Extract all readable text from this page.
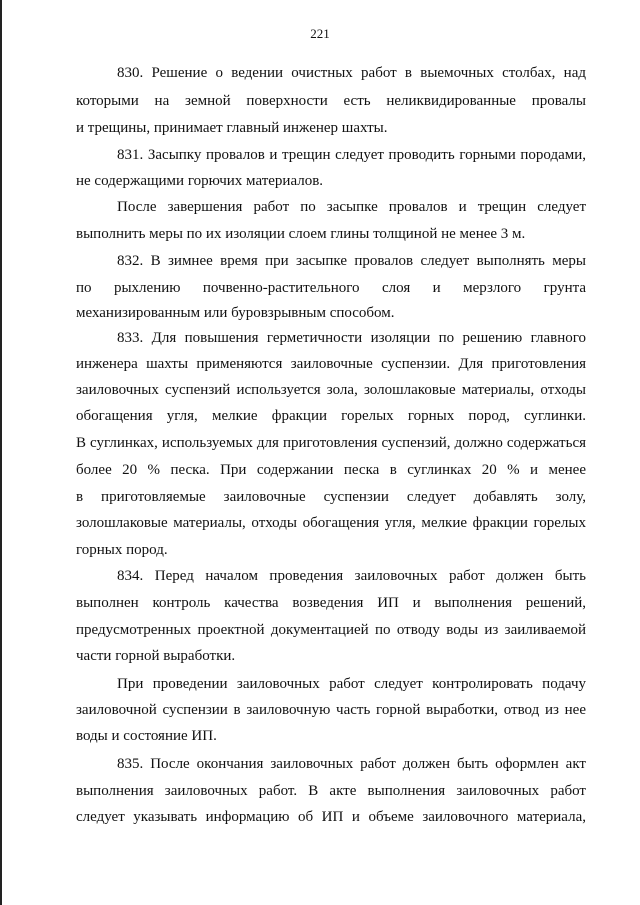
221
830. Решение о ведении очистных работ в выемочных столбах, над
которыми на земной поверхности есть неликвидированные провалы
и трещины, принимает главный инженер шахты.
831. Засыпку провалов и трещин следует проводить горными породами,
не содержащими горючих материалов.
После завершения работ по засыпке провалов и трещин следует
выполнить меры по их изоляции слоем глины толщиной не менее 3 м.
832. В зимнее время при засыпке провалов следует выполнять меры
по рыхлению почвенно-растительного слоя и мерзлого грунта
механизированным или буровзрывным способом.
833. Для повышения герметичности изоляции по решению главного
инженера шахты применяются заиловочные суспензии. Для приготовления
заиловочных суспензий используется зола, золошлаковые материалы, отходы
обогащения угля, мелкие фракции горелых горных пород, суглинки.
В суглинках, используемых для приготовления суспензий, должно содержаться
более 20 % песка. При содержании песка в суглинках 20 % и менее
в приготовляемые заиловочные суспензии следует добавлять золу,
золошлаковые материалы, отходы обогащения угля, мелкие фракции горелых
горных пород.
834. Перед началом проведения заиловочных работ должен быть
выполнен контроль качества возведения ИП и выполнения решений,
предусмотренных проектной документацией по отводу воды из заиливаемой
части горной выработки.
При проведении заиловочных работ следует контролировать подачу
заиловочной суспензии в заиловочную часть горной выработки, отвод из нее
воды и состояние ИП.
835. После окончания заиловочных работ должен быть оформлен акт
выполнения заиловочных работ. В акте выполнения заиловочных работ
следует указывать информацию об ИП и объеме заиловочного материала,
